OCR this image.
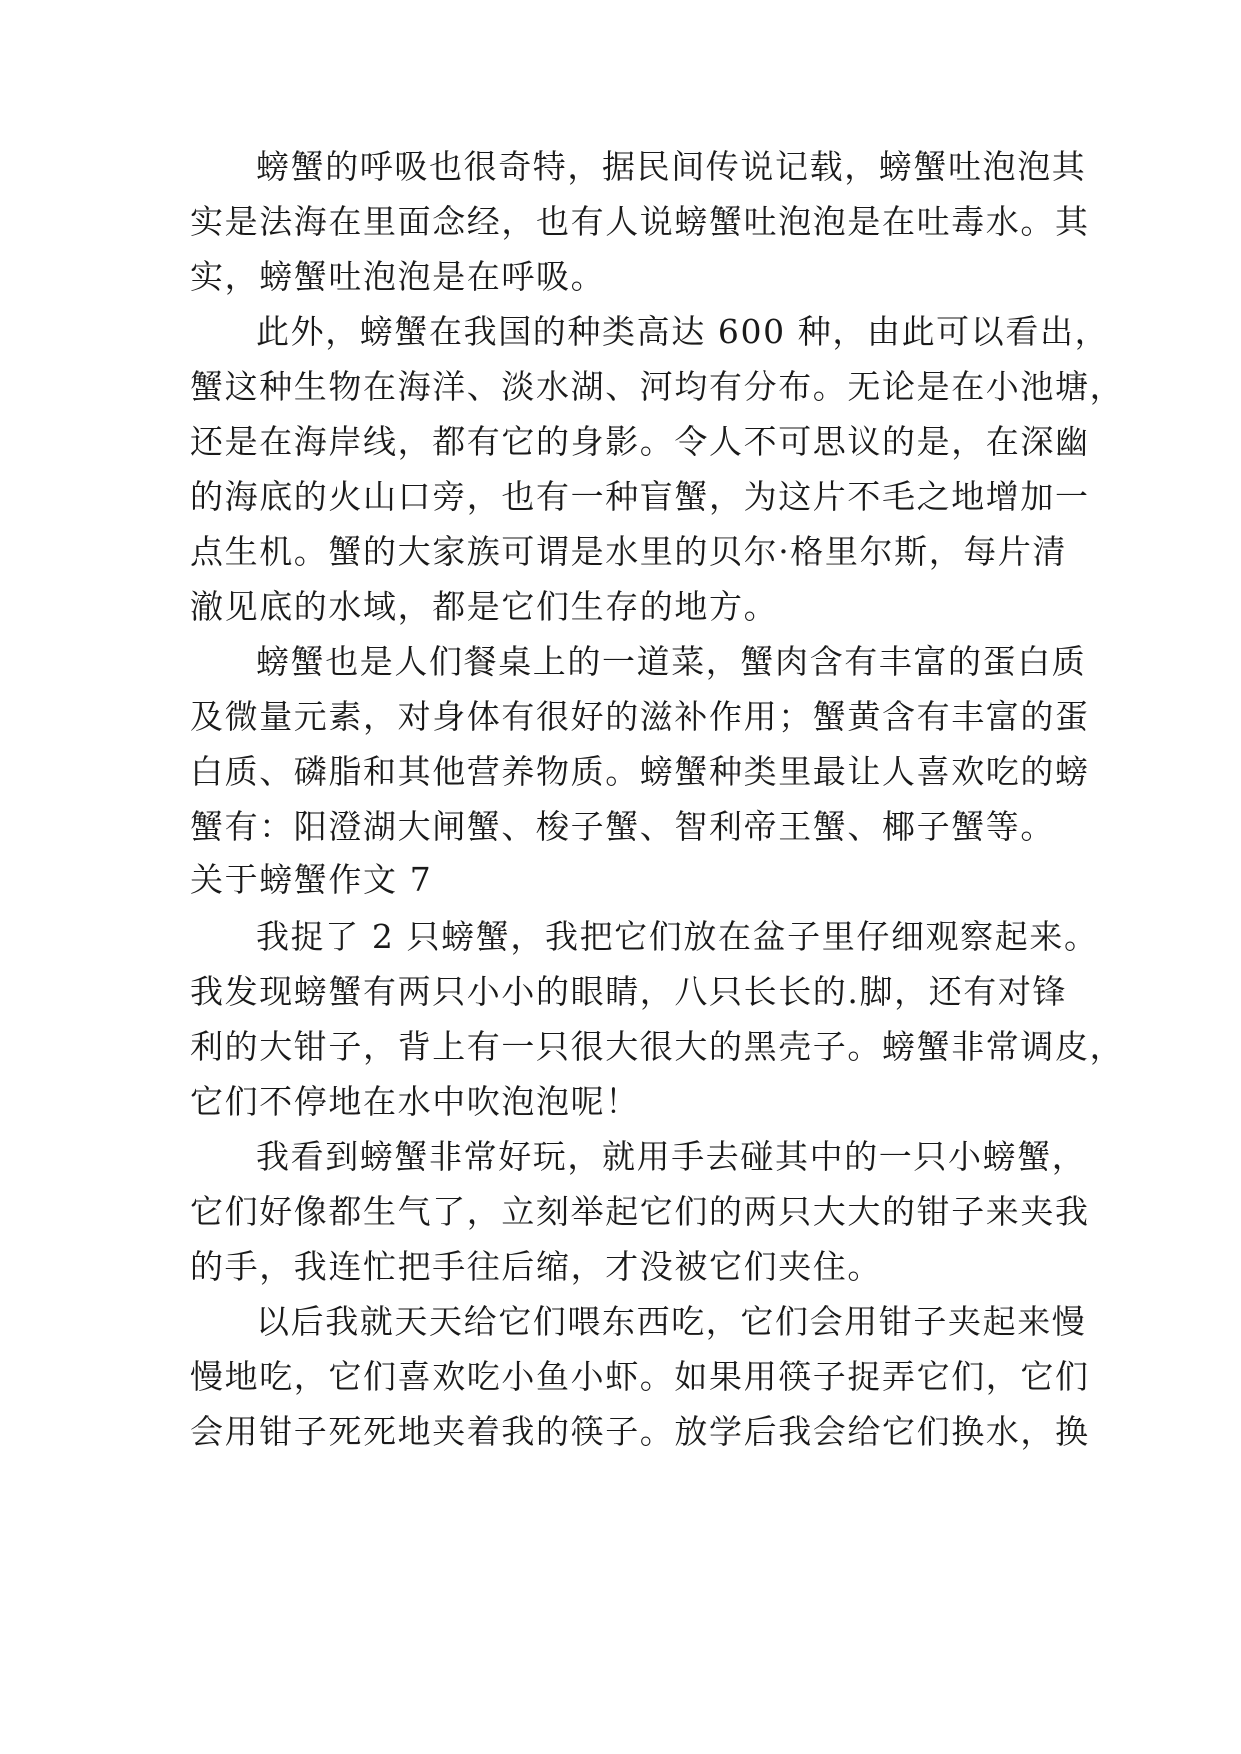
螃蟹的呼吸也很奇特，据民间传说记载，螃蟹吐泡泡其
实是法海在里面念经，也有人说螃蟹吐泡泡是在吐毒水。其
实，螃蟹吐泡泡是在呼吸。
此外，螃蟹在我国的种类高达 600 种，由此可以看出，
蟹这种生物在海洋、淡水湖、河均有分布。无论是在小池塘，
还是在海岸线，都有它的身影。令人不可思议的是，在深幽
的海底的火山口旁，也有一种盲蟹，为这片不毛之地增加一
点生机。蟹的大家族可谓是水里的贝尔·格里尔斯，每片清
澈见底的水域，都是它们生存的地方。
螃蟹也是人们餐桌上的一道菜，蟹肉含有丰富的蛋白质
及微量元素，对身体有很好的滋补作用；蟹黄含有丰富的蛋
白质、磷脂和其他营养物质。螃蟹种类里最让人喜欢吃的螃
蟹有：阳澄湖大闸蟹、梭子蟹、智利帝王蟹、椰子蟹等。
关于螃蟹作文 7
我捉了 2 只螃蟹，我把它们放在盆子里仔细观察起来。
我发现螃蟹有两只小小的眼睛，八只长长的.脚，还有对锋
利的大钳子，背上有一只很大很大的黑壳子。螃蟹非常调皮，
它们不停地在水中吹泡泡呢！
我看到螃蟹非常好玩，就用手去碰其中的一只小螃蟹，
它们好像都生气了，立刻举起它们的两只大大的钳子来夹我
的手，我连忙把手往后缩，才没被它们夹住。
以后我就天天给它们喂东西吃，它们会用钳子夹起来慢
慢地吃，它们喜欢吃小鱼小虾。如果用筷子捉弄它们，它们
会用钳子死死地夹着我的筷子。放学后我会给它们换水，换
